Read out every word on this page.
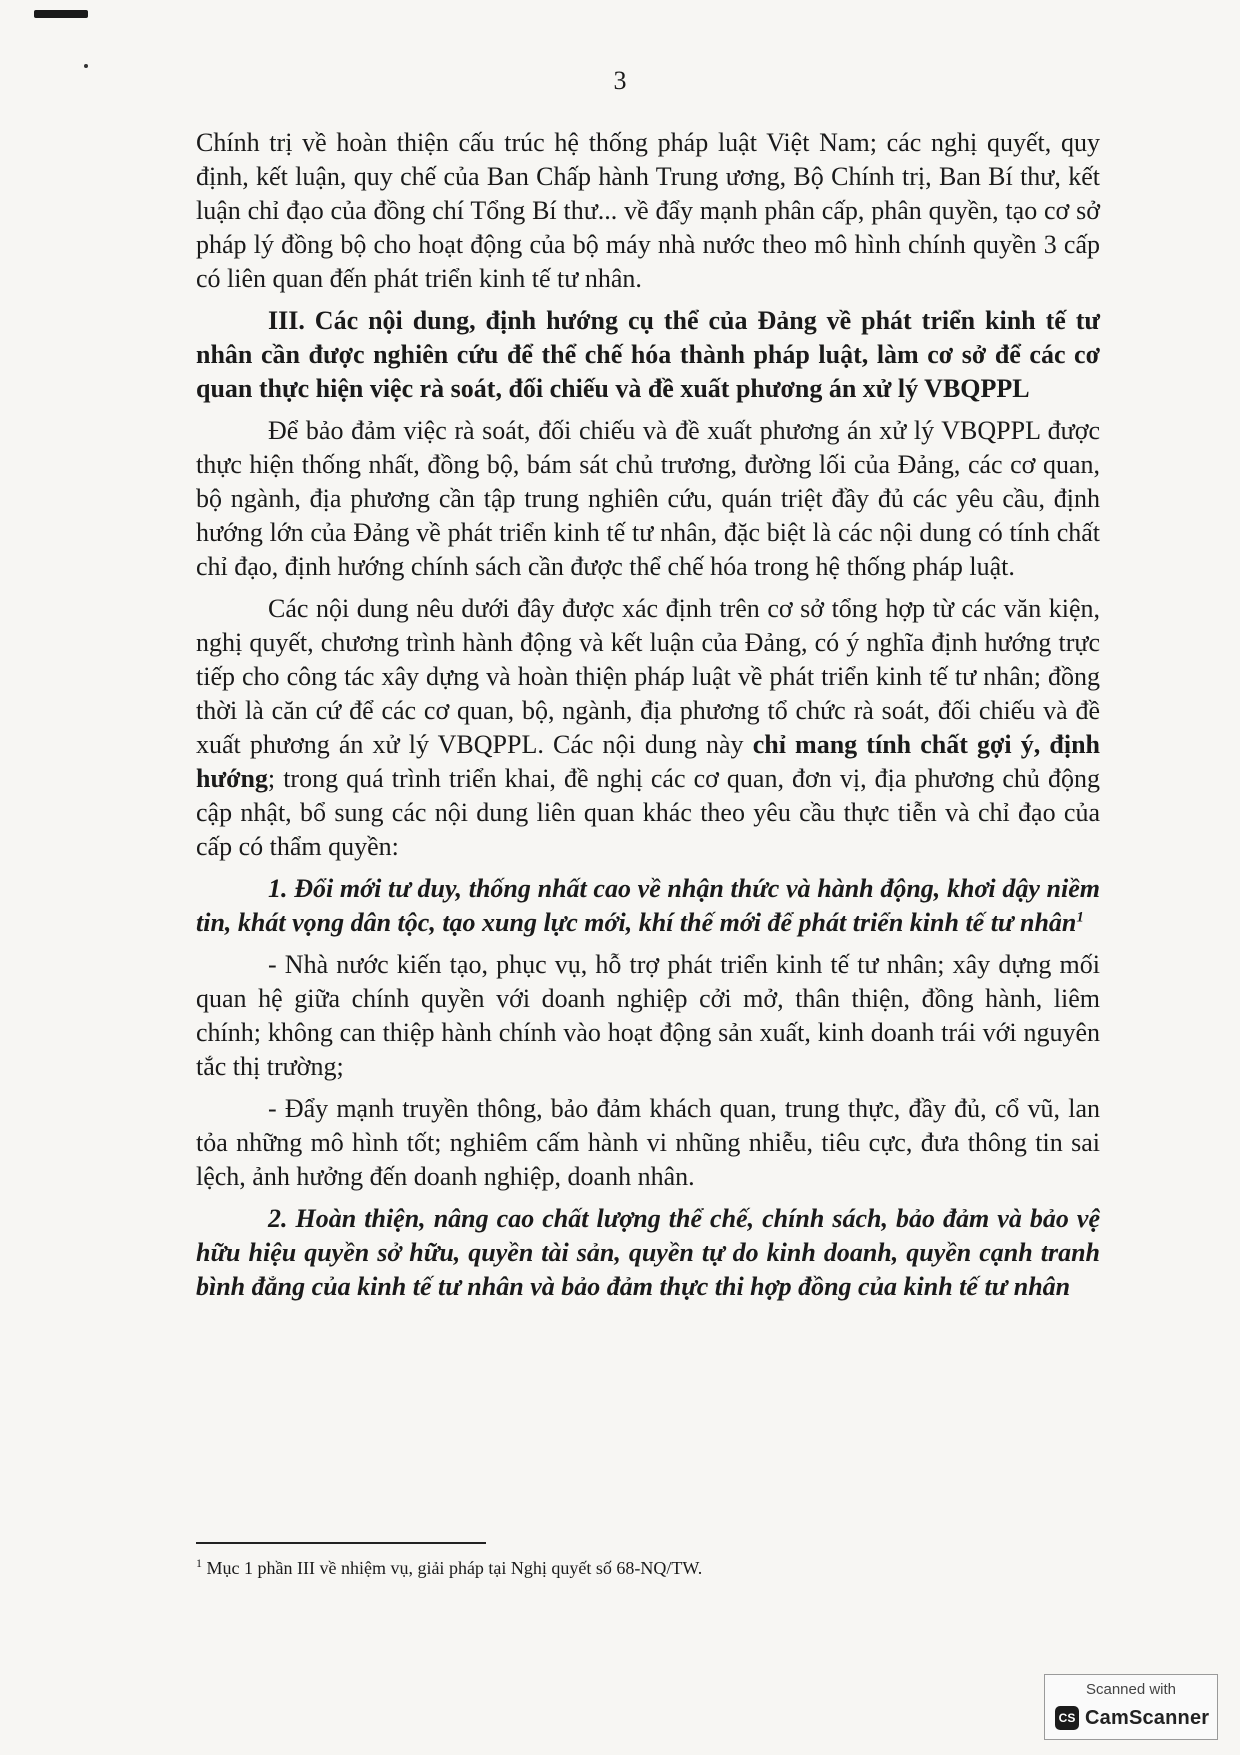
3

Chính trị về hoàn thiện cấu trúc hệ thống pháp luật Việt Nam; các nghị quyết, quy định, kết luận, quy chế của Ban Chấp hành Trung ương, Bộ Chính trị, Ban Bí thư, kết luận chỉ đạo của đồng chí Tổng Bí thư... về đẩy mạnh phân cấp, phân quyền, tạo cơ sở pháp lý đồng bộ cho hoạt động của bộ máy nhà nước theo mô hình chính quyền 3 cấp có liên quan đến phát triển kinh tế tư nhân.

III. Các nội dung, định hướng cụ thể của Đảng về phát triển kinh tế tư nhân cần được nghiên cứu để thể chế hóa thành pháp luật, làm cơ sở để các cơ quan thực hiện việc rà soát, đối chiếu và đề xuất phương án xử lý VBQPPL

Để bảo đảm việc rà soát, đối chiếu và đề xuất phương án xử lý VBQPPL được thực hiện thống nhất, đồng bộ, bám sát chủ trương, đường lối của Đảng, các cơ quan, bộ ngành, địa phương cần tập trung nghiên cứu, quán triệt đầy đủ các yêu cầu, định hướng lớn của Đảng về phát triển kinh tế tư nhân, đặc biệt là các nội dung có tính chất chỉ đạo, định hướng chính sách cần được thể chế hóa trong hệ thống pháp luật.

Các nội dung nêu dưới đây được xác định trên cơ sở tổng hợp từ các văn kiện, nghị quyết, chương trình hành động và kết luận của Đảng, có ý nghĩa định hướng trực tiếp cho công tác xây dựng và hoàn thiện pháp luật về phát triển kinh tế tư nhân; đồng thời là căn cứ để các cơ quan, bộ, ngành, địa phương tổ chức rà soát, đối chiếu và đề xuất phương án xử lý VBQPPL. Các nội dung này chỉ mang tính chất gợi ý, định hướng; trong quá trình triển khai, đề nghị các cơ quan, đơn vị, địa phương chủ động cập nhật, bổ sung các nội dung liên quan khác theo yêu cầu thực tiễn và chỉ đạo của cấp có thẩm quyền:

1. Đổi mới tư duy, thống nhất cao về nhận thức và hành động, khơi dậy niềm tin, khát vọng dân tộc, tạo xung lực mới, khí thế mới để phát triển kinh tế tư nhân$^1$

- Nhà nước kiến tạo, phục vụ, hỗ trợ phát triển kinh tế tư nhân; xây dựng mối quan hệ giữa chính quyền với doanh nghiệp cởi mở, thân thiện, đồng hành, liêm chính; không can thiệp hành chính vào hoạt động sản xuất, kinh doanh trái với nguyên tắc thị trường;

- Đẩy mạnh truyền thông, bảo đảm khách quan, trung thực, đầy đủ, cổ vũ, lan tỏa những mô hình tốt; nghiêm cấm hành vi nhũng nhiễu, tiêu cực, đưa thông tin sai lệch, ảnh hưởng đến doanh nghiệp, doanh nhân.

2. Hoàn thiện, nâng cao chất lượng thể chế, chính sách, bảo đảm và bảo vệ hữu hiệu quyền sở hữu, quyền tài sản, quyền tự do kinh doanh, quyền cạnh tranh bình đẳng của kinh tế tư nhân và bảo đảm thực thi hợp đồng của kinh tế tư nhân

$^1$ Mục 1 phần III về nhiệm vụ, giải pháp tại Nghị quyết số 68-NQ/TW.
Scanned with
CS CamScanner
